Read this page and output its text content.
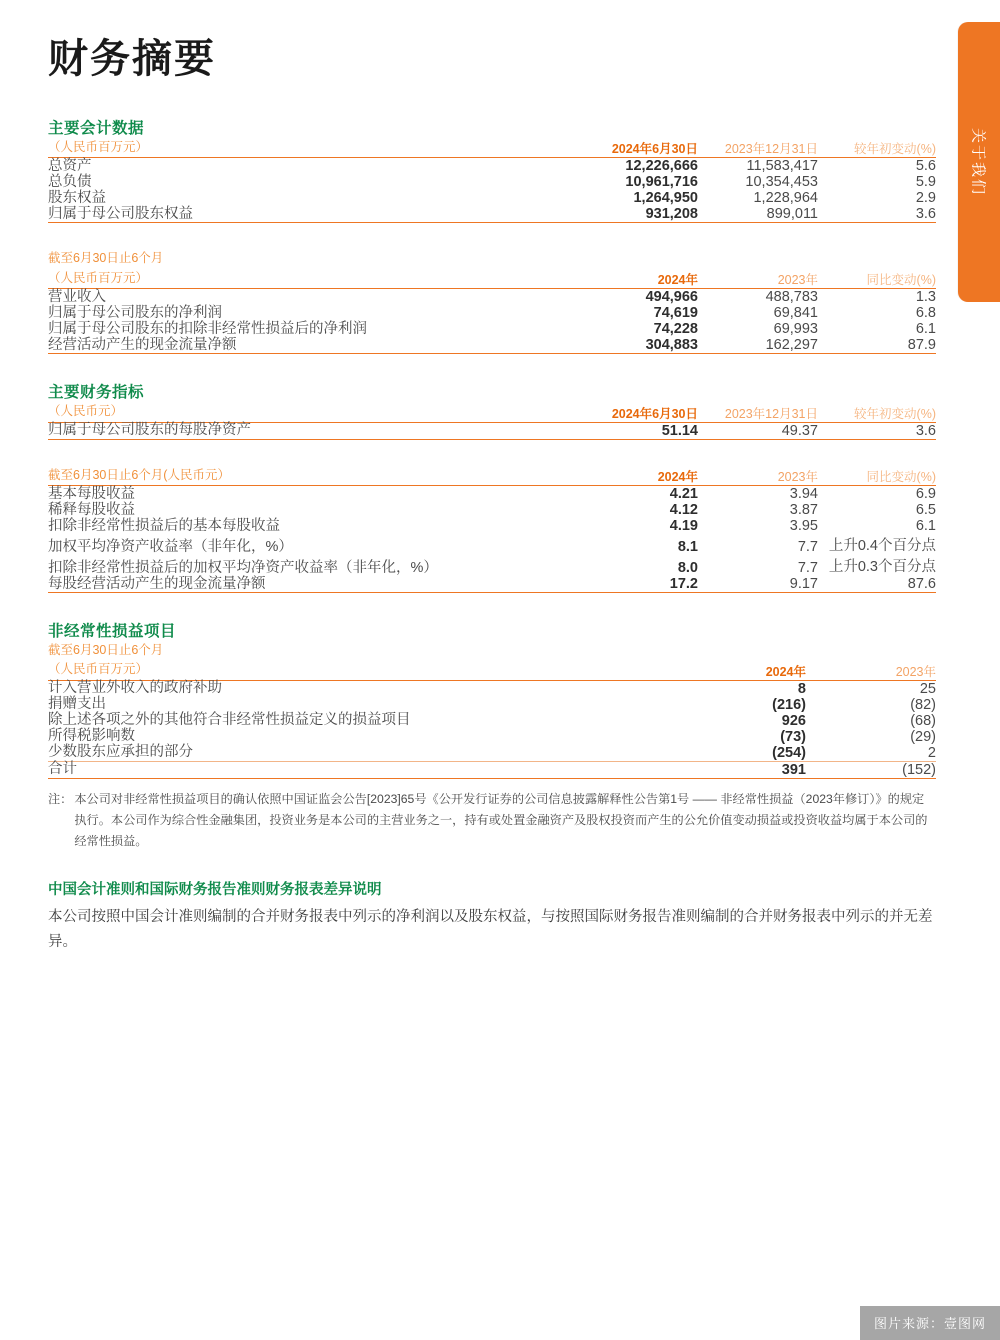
关于我们
财务摘要
主要会计数据
（人民币百万元）	2024年6月30日	2023年12月31日	较年初变动(%)
总资产	12,226,666	11,583,417	5.6
总负债	10,961,716	10,354,453	5.9
股东权益	1,264,950	1,228,964	2.9
归属于母公司股东权益	931,208	899,011	3.6
截至6月30日止6个月
（人民币百万元）	2024年	2023年	同比变动(%)
营业收入	494,966	488,783	1.3
归属于母公司股东的净利润	74,619	69,841	6.8
归属于母公司股东的扣除非经常性损益后的净利润	74,228	69,993	6.1
经营活动产生的现金流量净额	304,883	162,297	87.9
主要财务指标
（人民币元）	2024年6月30日	2023年12月31日	较年初变动(%)
归属于母公司股东的每股净资产	51.14	49.37	3.6
截至6月30日止6个月(人民币元）	2024年	2023年	同比变动(%)
基本每股收益	4.21	3.94	6.9
稀释每股收益	4.12	3.87	6.5
扣除非经常性损益后的基本每股收益	4.19	3.95	6.1
加权平均净资产收益率（非年化，%）	8.1	7.7	上升0.4个百分点
扣除非经常性损益后的加权平均净资产收益率（非年化，%）	8.0	7.7	上升0.3个百分点
每股经营活动产生的现金流量净额	17.2	9.17	87.6
非经常性损益项目
截至6月30日止6个月
（人民币百万元）	2024年	2023年
计入营业外收入的政府补助	8	25
捐赠支出	(216)	(82)
除上述各项之外的其他符合非经常性损益定义的损益项目	926	(68)
所得税影响数	(73)	(29)
少数股东应承担的部分	(254)	2
合计	391	(152)
注： 本公司对非经常性损益项目的确认依照中国证监会公告[2023]65号《公开发行证券的公司信息披露解释性公告第1号 —— 非经常性损益（2023年修订）》的规定执行。本公司作为综合性金融集团，投资业务是本公司的主营业务之一，持有或处置金融资产及股权投资而产生的公允价值变动损益或投资收益均属于本公司的经常性损益。
中国会计准则和国际财务报告准则财务报表差异说明
本公司按照中国会计准则编制的合并财务报表中列示的净利润以及股东权益，与按照国际财务报告准则编制的合并财务报表中列示的并无差异。
图片来源：壹图网
